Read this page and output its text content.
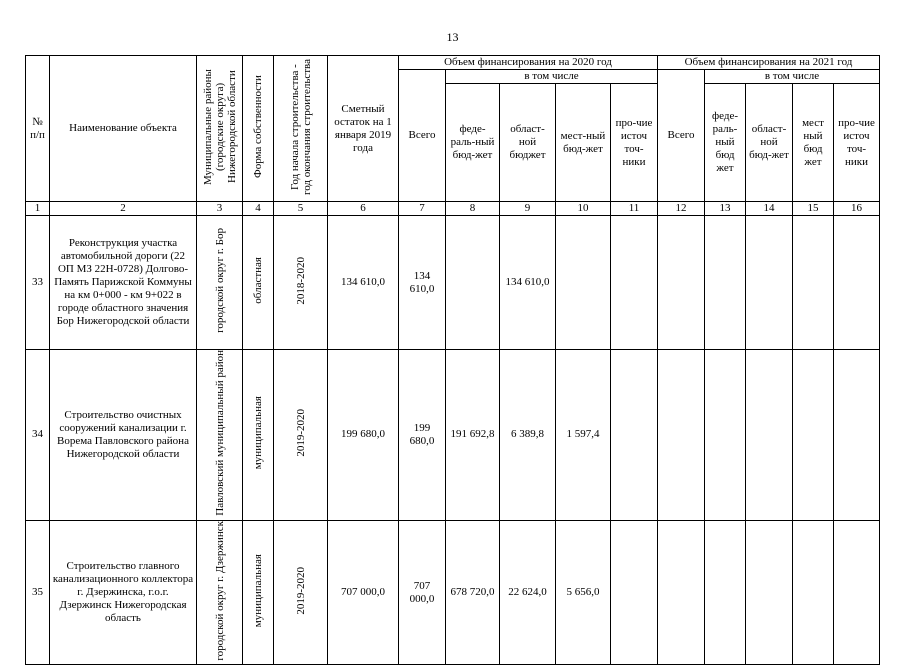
13
№ п/п	Наименование объекта	Муниципальные районы (городские округа) Нижегородской области	Форма собственности	Год начала строительства - год окончания строительства	Сметный остаток на 1 января 2019 года	Объем финансирования на 2020 год					Объем финансирования на 2021 год				
						Всего	в том числе				Всего	в том числе			
							феде-раль-ный бюд-жет	област-ной бюджет	мест-ный бюд-жет	про-чие источ точ-ники		феде-раль-ный бюд жет	област-ной бюд-жет	мест ный бюд жет	про-чие источ точ-ники
1	2	3	4	5	6	7	8	9	10	11	12	13	14	15	16
33	Реконструкция участка автомобильной дороги (22 ОП МЗ 22Н-0728) Долгово-Память Парижской Коммуны на км 0+000 - км 9+022 в городе областного значения Бор Нижегородской области	городской округ г. Бор	областная	2018-2020	134 610,0	134 610,0		134 610,0							
34	Строительство очистных сооружений канализации г. Ворема Павловского района Нижегородской области	Павловский муниципальный район	муниципальная	2019-2020	199 680,0	199 680,0	191 692,8	6 389,8	1 597,4						
35	Строительство главного канализационного коллектора г. Дзержинска, г.о.г. Дзержинск Нижегородская область	городской округ г. Дзержинск	муниципальная	2019-2020	707 000,0	707 000,0	678 720,0	22 624,0	5 656,0						
